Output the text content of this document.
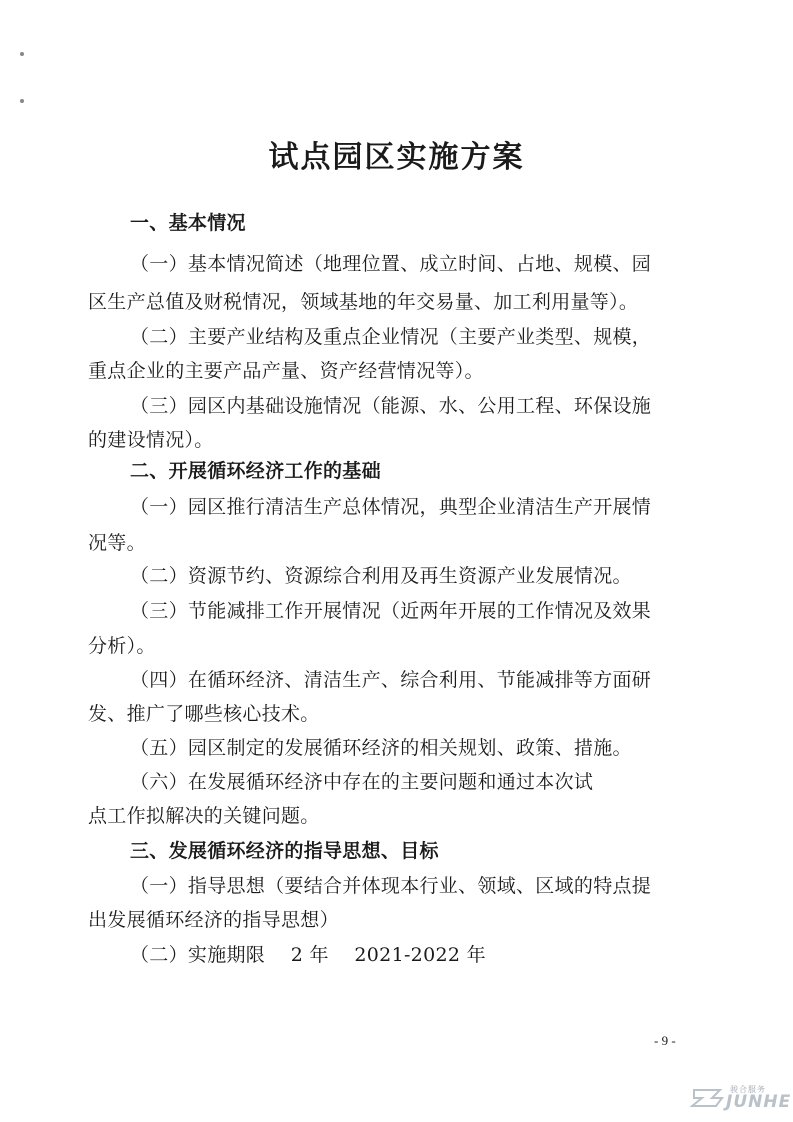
试点园区实施方案
一、基本情况
（一）基本情况简述（地理位置、成立时间、占地、规模、园
区生产总值及财税情况，领域基地的年交易量、加工利用量等）。
（二）主要产业结构及重点企业情况（主要产业类型、规模，
重点企业的主要产品产量、资产经营情况等）。
（三）园区内基础设施情况（能源、水、公用工程、环保设施
的建设情况）。
二、开展循环经济工作的基础
（一）园区推行清洁生产总体情况，典型企业清洁生产开展情
况等。
（二）资源节约、资源综合利用及再生资源产业发展情况。
（三）节能减排工作开展情况（近两年开展的工作情况及效果
分析）。
（四）在循环经济、清洁生产、综合利用、节能减排等方面研
发、推广了哪些核心技术。
（五）园区制定的发展循环经济的相关规划、政策、措施。
（六）在发展循环经济中存在的主要问题和通过本次试
点工作拟解决的关键问题。
三、发展循环经济的指导思想、目标
（一）指导思想（要结合并体现本行业、领域、区域的特点提
出发展循环经济的指导思想）
（二）实施期限　 2 年　 2021-2022 年
- 9 -
骏合服务
JUNHE
